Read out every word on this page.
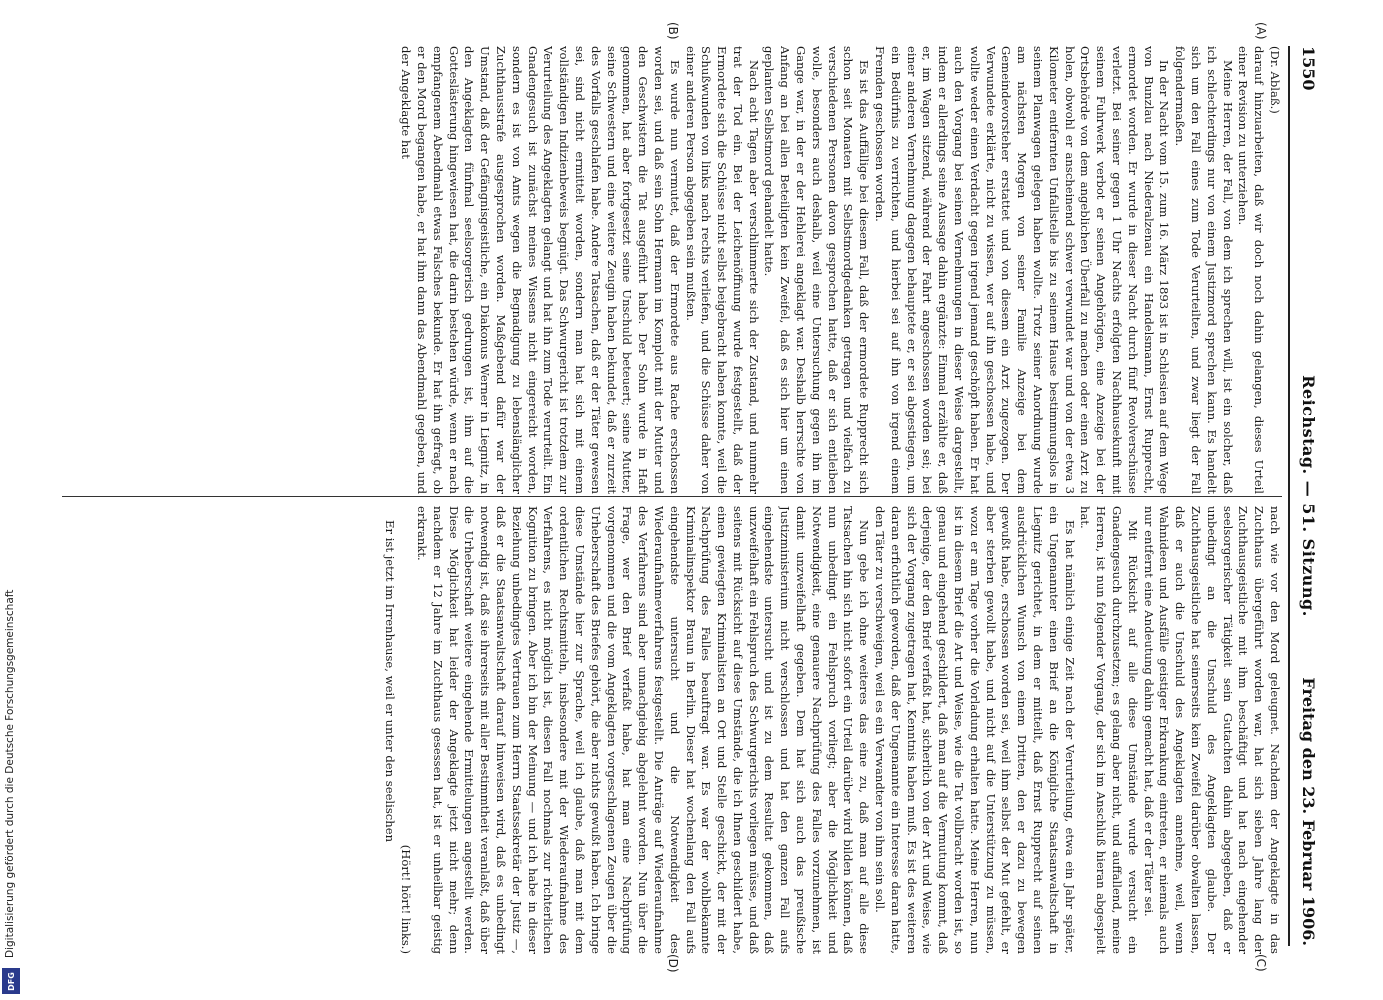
Digitalisierung gefördert durch die Deutsche Forschungsgemeinschaft
DFG
1550
Reichstag. — 51. Sitzung.
Freitag den 23. Februar 1906.
(A)
(B)
(C)
(D)

(Dr. Ablaß.)

darauf hinzuarbeiten, daß wir doch noch dahin gelangen, dieses Urteil einer Revision zu unterziehen.

Meine Herren, der Fall, von dem ich sprechen will, ist ein solcher, daß ich schlechterdings nur von einem Justizmord sprechen kann. Es handelt sich um den Fall eines zum Tode Verurteilten, und zwar liegt der Fall folgendermaßen.

In der Nacht vom 15. zum 16. März 1893 ist in Schlesien auf dem Wege von Bunzlau nach Niederalzenau ein Handelsmann, Ernst Rupprecht, ermordet worden. Er wurde in dieser Nacht durch fünf Revolverschüsse verletzt. Bei seiner gegen 1 Uhr Nachts erfolgten Nachhausekunft mit seinem Fuhrwerk verbot er seinen Angehörigen, eine Anzeige bei der Ortsbehörde von dem angeblichen Überfall zu machen oder einen Arzt zu holen, obwohl er anscheinend schwer verwundet war und von der etwa 3 Kilometer entfernten Unfallstelle bis zu seinem Hause bestimmungslos in seinem Planwagen gelegen haben wollte. Trotz seiner Anordnung wurde am nächsten Morgen von seiner Familie Anzeige bei dem Gemeindevorsteher erstattet und von diesem ein Arzt zugezogen. Der Verwundete erklärte, nicht zu wissen, wer auf ihn geschossen habe, und wollte weder einen Verdacht gegen irgend jemand geschöpft haben. Er hat auch den Vorgang bei seinen Vernehmungen in dieser Weise dargestellt, indem er allerdings seine Aussage dahin ergänzte: Einmal erzählte er, daß er, im Wagen sitzend, während der Fahrt angeschossen worden sei; bei einer anderen Vernehmung dagegen behauptete er, er sei abgestiegen, um ein Bedürfnis zu verrichten, und hierbei sei auf ihn von irgend einem Fremden geschossen worden.

Es ist das Auffällige bei diesem Fall, daß der ermordete Rupprecht sich schon seit Monaten mit Selbstmordgedanken getragen und vielfach zu verschiedenen Personen davon gesprochen hatte, daß er sich entleiben wolle, besonders auch deshalb, weil eine Untersuchung gegen ihn im Gange war, in der er der Hehlerei angeklagt war. Deshalb herrschte von Anfang an bei allen Beteiligten kein Zweifel, daß es sich hier um einen geplanten Selbstmord gehandelt hatte.

Nach acht Tagen aber verschlimmerte sich der Zustand, und nunmehr trat der Tod ein. Bei der Leichenöffnung wurde festgestellt, daß der Ermordete sich die Schüsse nicht selbst beigebracht haben konnte, weil die Schußwunden von links nach rechts verliefen, und die Schüsse daher von einer anderen Person abgegeben sein mußten.

Es wurde nun vermutet, daß der Ermordete aus Rache erschossen worden sei, und daß sein Sohn Hermann im Komplott mit der Mutter und den Geschwistern die Tat ausgeführt habe. Der Sohn wurde in Haft genommen, hat aber fortgesetzt seine Unschuld beteuert; seine Mutter, seine Schwestern und eine weitere Zeugin haben bekundet, daß er zurzeit des Vorfalls geschlafen habe. Andere Tatsachen, daß er der Täter gewesen sei, sind nicht ermittelt worden, sondern man hat sich mit einem vollständigen Indizienbeweis begnügt. Das Schwurgericht ist trotzdem zur Verurteilung des Angeklagten gelangt und hat ihn zum Tode verurteilt. Ein Gnadengesuch ist zunächst meines Wissens nicht eingereicht worden, sondern es ist von Amts wegen die Begnadigung zu lebenslänglicher Zuchthausstrafe ausgesprochen worden. Maßgebend dafür war der Umstand, daß der Gefängnisgeistliche, ein Diakonus Werner in Liegnitz, in den Angeklagten fünfmal seelsorgerisch gedrungen ist, ihm auf die Gotteslästerung hingewiesen hat, die darin bestehen würde, wenn er nach empfangenem Abendmahl etwas Falsches bekunde. Er hat ihn gefragt, ob er den Mord begangen habe, er hat ihm dann das Abendmahl gegeben, und der Angeklagte hat

nach wie vor den Mord geleugnet. Nachdem der Angeklagte in das Zuchthaus übergeführt worden war, hat sich sieben Jahre lang der Zuchthausgeistliche mit ihm beschäftigt und hat nach eingehender seelsorgerischer Tätigkeit sein Gutachten dahin abgegeben, daß er unbedingt an die Unschuld des Angeklagten glaube. Der Zuchthausgeistliche hat seinerseits kein Zweifel darüber obwalten lassen, daß er auch die Unschuld des Angeklagten annehme, weil, wenn Wahnideen und Ausfälle geistiger Erkrankung eintreten, er niemals auch nur entfernt eine Andeutung dahin gemacht hat, daß er der Täter sei.

Mit Rücksicht auf alle diese Umstände wurde versucht ein Gnadengesuch durchzusetzen; es gelang aber nicht, und auffallend, meine Herren, ist nun folgender Vorgang, der sich im Anschluß hieran abgespielt hat.

Es hat nämlich einige Zeit nach der Verurteilung, etwa ein Jahr später, ein Ungenannter einen Brief an die Königliche Staatsanwaltschaft in Liegnitz gerichtet, in dem er mitteilt, daß Ernst Rupprecht auf seinen ausdrücklichen Wunsch von einem Dritten, den er dazu zu bewegen gewußt habe, erschossen worden sei, weil ihm selbst der Mut gefehlt, er aber sterben gewollt habe, und nicht auf die Unterstützung zu müssen, wozu er am Tage vorher die Vorladung erhalten hatte. Meine Herren, nun ist in diesem Brief die Art und Weise, wie die Tat vollbracht worden ist, so genau und eingehend geschildert, daß man auf die Vermutung kommt, daß derjenige, der den Brief verfaßt hat, sicherlich von der Art und Weise, wie sich der Vorgang zugetragen hat, Kenntnis haben muß. Es ist des weiteren daran erfichtlich geworden, daß der Ungenannte ein Interesse daran hatte, den Täter zu verschweigen, weil es ein Verwandter von ihm sein soll.

Nun gebe ich ohne weiteres das eine zu, daß man auf alle diese Tatsachen hin sich nicht sofort ein Urteil darüber wird bilden können, daß nun unbedingt ein Fehlspruch vorliegt; aber die Möglichkeit und Notwendigkeit, eine genauere Nachprüfung des Falles vorzunehmen, ist damit unzweifelhaft gegeben. Dem hat sich auch das preußische Justizministerium nicht verschlossen und hat den ganzen Fall aufs eingehendste untersucht und ist zu dem Resultat gekommen, daß unzweifelhaft ein Fehlspruch des Schwurgerichts vorliegen müsse, und daß seitens mit Rücksicht auf diese Umstände, die ich Ihnen geschildert habe, einen gewiegten Kriminalisten an Ort und Stelle geschickt, der mit der Nachprüfung des Falles beauftragt war. Es war der wohlbekannte Kriminalinspektor Braun in Berlin. Dieser hat wochenlang den Fall aufs eingehendste untersucht und die Notwendigkeit des Wiederaufnahmeverfahrens festgestellt. Die Anträge auf Wiederaufnahme des Verfahrens sind aber unnachgiebig abgelehnt worden. Nun über die Frage, wer den Brief verfaßt habe, hat man eine Nachprüfung vorgenommen und die vom Angeklagten vorgeschlagenen Zeugen über die Urheberschaft des Briefes gehört, die aber nichts gewußt haben. Ich bringe diese Umstände hier zur Sprache, weil ich glaube, daß man mit dem ordentlichen Rechtsmitteln, insbesondere mit der Wiederaufnahme des Verfahrens, es nicht möglich ist, diesen Fall nochmals zur richterlichen Kognition zu bringen. Aber ich bin der Meinung — und ich habe in dieser Beziehung unbedingtes Vertrauen zum Herrn Staatssekretär der Justiz —, daß er die Staatsanwaltschaft darauf hinweisen wird, daß es unbedingt notwendig ist, daß sie ihrerseits mit aller Bestimmtheit veranlaßt, daß über die Urheberschaft weitere eingehende Ermittelungen angestellt werden. Diese Möglichkeit hat leider der Angeklagte jetzt nicht mehr; denn nachdem er 12 Jahre im Zuchthaus gesessen hat, ist er unheilbar geistig erkrankt.

(Hört! hört! links.)

Er ist jetzt im Irrenhause, weil er unter den seelischen
